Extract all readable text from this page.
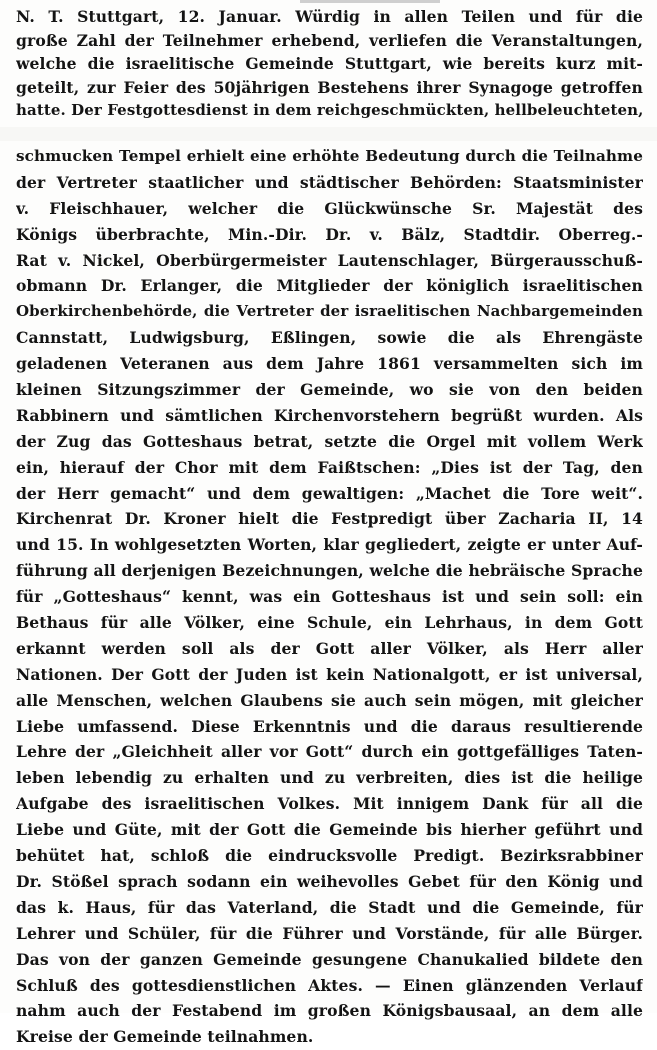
N. T. Stuttgart, 12. Januar. Würdig in allen Teilen und für die
große Zahl der Teilnehmer erhebend, verliefen die Veranstaltungen,
welche die israelitische Gemeinde Stuttgart, wie bereits kurz mit-
geteilt, zur Feier des 50jährigen Bestehens ihrer Synagoge getroffen
hatte. Der Festgottesdienst in dem reichgeschmückten, hellbeleuchteten,
schmucken Tempel erhielt eine erhöhte Bedeutung durch die Teilnahme
der Vertreter staatlicher und städtischer Behörden: Staatsminister
v. Fleischhauer, welcher die Glückwünsche Sr. Majestät des
Königs überbrachte, Min.-Dir. Dr. v. Bälz, Stadtdir. Oberreg.-
Rat v. Nickel, Oberbürgermeister Lautenschlager, Bürgerausschuß-
obmann Dr. Erlanger, die Mitglieder der königlich israelitischen
Oberkirchenbehörde, die Vertreter der israelitischen Nachbargemeinden
Cannstatt, Ludwigsburg, Eßlingen, sowie die als Ehrengäste
geladenen Veteranen aus dem Jahre 1861 versammelten sich im
kleinen Sitzungszimmer der Gemeinde, wo sie von den beiden
Rabbinern und sämtlichen Kirchenvorstehern begrüßt wurden. Als
der Zug das Gotteshaus betrat, setzte die Orgel mit vollem Werk
ein, hierauf der Chor mit dem Faißtschen: „Dies ist der Tag, den
der Herr gemacht“ und dem gewaltigen: „Machet die Tore weit“.
Kirchenrat Dr. Kroner hielt die Festpredigt über Zacharia II, 14
und 15. In wohlgesetzten Worten, klar gegliedert, zeigte er unter Auf-
führung all derjenigen Bezeichnungen, welche die hebräische Sprache
für „Gotteshaus“ kennt, was ein Gotteshaus ist und sein soll: ein
Bethaus für alle Völker, eine Schule, ein Lehrhaus, in dem Gott
erkannt werden soll als der Gott aller Völker, als Herr aller
Nationen. Der Gott der Juden ist kein Nationalgott, er ist universal,
alle Menschen, welchen Glaubens sie auch sein mögen, mit gleicher
Liebe umfassend. Diese Erkenntnis und die daraus resultierende
Lehre der „Gleichheit aller vor Gott“ durch ein gottgefälliges Taten-
leben lebendig zu erhalten und zu verbreiten, dies ist die heilige
Aufgabe des israelitischen Volkes. Mit innigem Dank für all die
Liebe und Güte, mit der Gott die Gemeinde bis hierher geführt und
behütet hat, schloß die eindrucksvolle Predigt. Bezirksrabbiner
Dr. Stößel sprach sodann ein weihevolles Gebet für den König und
das k. Haus, für das Vaterland, die Stadt und die Gemeinde, für
Lehrer und Schüler, für die Führer und Vorstände, für alle Bürger.
Das von der ganzen Gemeinde gesungene Chanukalied bildete den
Schluß des gottesdienstlichen Aktes. — Einen glänzenden Verlauf
nahm auch der Festabend im großen Königsbausaal, an dem alle
Kreise der Gemeinde teilnahmen.
